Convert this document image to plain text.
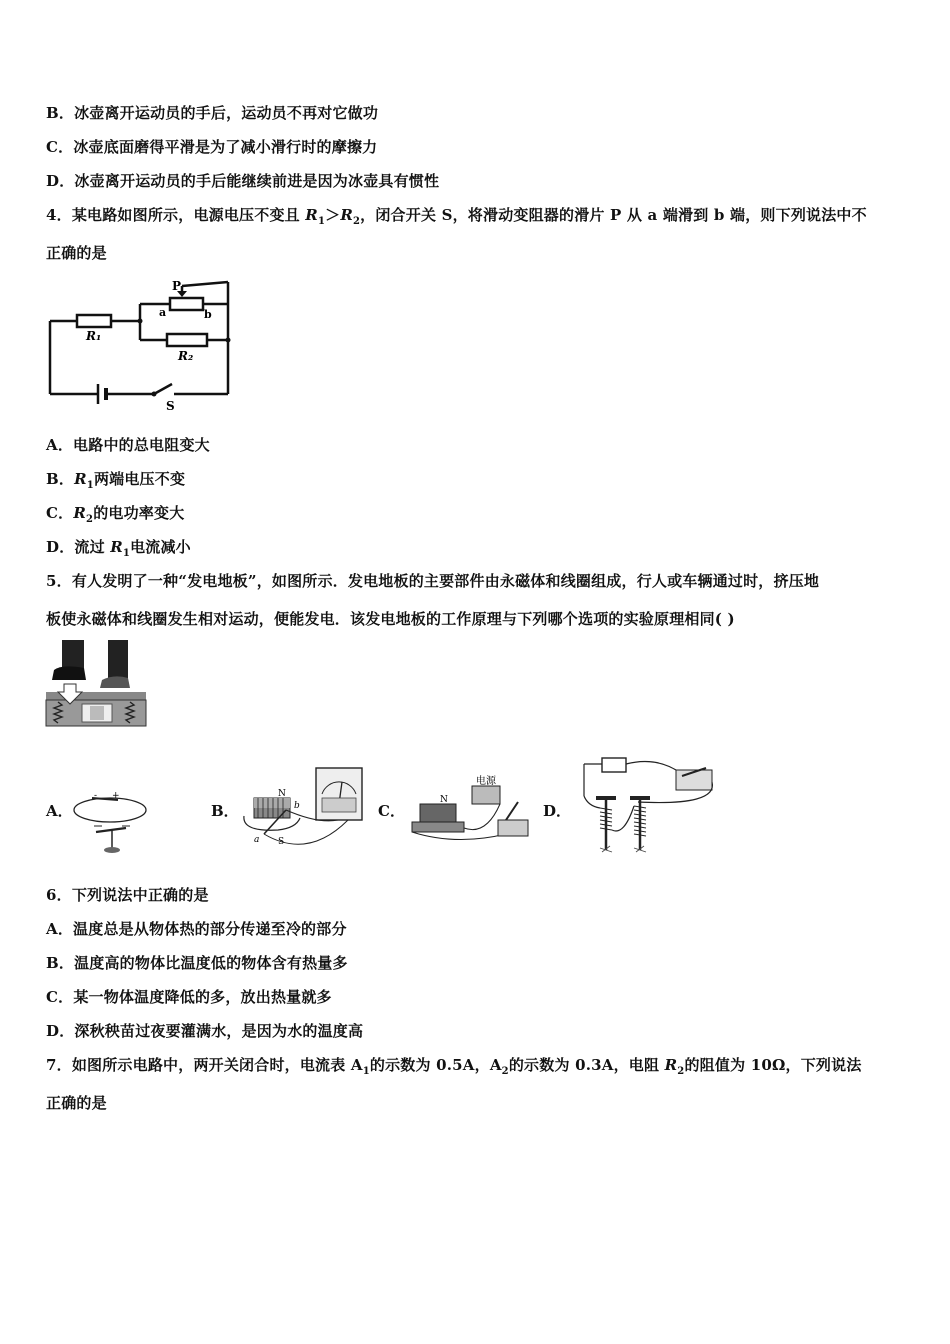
B．冰壶离开运动员的手后，运动员不再对它做功
C．冰壶底面磨得平滑是为了减小滑行时的摩擦力
D．冰壶离开运动员的手后能继续前进是因为冰壶具有惯性
4．某电路如图所示，电源电压不变且 $R_1>R_2$，闭合开关 S，将滑动变阻器的滑片 P 从 a 端滑到 b 端，则下列说法中不
正确的是
P
a	b
R₁
R₂
S
A．电路中的总电阻变大
B．$R_1$两端电压不变
C．$R_2$的电功率变大
D．流过 $R_1$电流减小
5．有人发明了一种“发电地板”，如图所示．发电地板的主要部件由永磁体和线圈组成，行人或车辆通过时，挤压地
板使永磁体和线圈发生相对运动，便能发电．该发电地板的工作原理与下列哪个选项的实验原理相同( )
A．	B．	C．	D．
- +	N
S
a
b
电源
N
6．下列说法中正确的是
A．温度总是从物体热的部分传递至冷的部分
B．温度高的物体比温度低的物体含有热量多
C．某一物体温度降低的多，放出热量就多
D．深秋秧苗过夜要灌满水，是因为水的温度高
7．如图所示电路中，两开关闭合时，电流表 $A_1$的示数为 0.5A，$A_2$的示数为 0.3A，电阻 $R_2$的阻值为 10Ω，下列说法
正确的是
